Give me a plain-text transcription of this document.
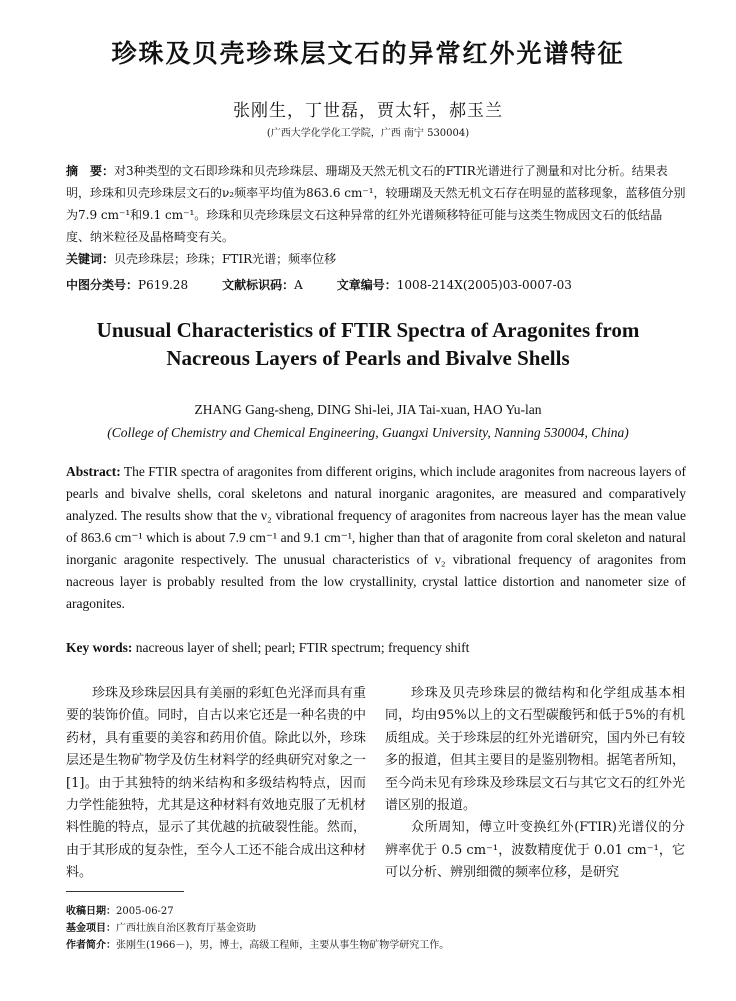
珍珠及贝壳珍珠层文石的异常红外光谱特征
张刚生，丁世磊，贾太轩，郝玉兰
(广西大学化学化工学院，广西 南宁 530004)
摘　要：对3种类型的文石即珍珠和贝壳珍珠层、珊瑚及天然无机文石的FTIR光谱进行了测量和对比分析。结果表明，珍珠和贝壳珍珠层文石的ν₂频率平均值为863.6 cm⁻¹，较珊瑚及天然无机文石存在明显的蓝移现象，蓝移值分别为7.9 cm⁻¹和9.1 cm⁻¹。珍珠和贝壳珍珠层文石这种异常的红外光谱频移特征可能与这类生物成因文石的低结晶度、纳米粒径及晶格畸变有关。
关键词：贝壳珍珠层；珍珠；FTIR光谱；频率位移
中图分类号：P619.28	文献标识码：A	文章编号：1008-214X(2005)03-0007-03
Unusual Characteristics of FTIR Spectra of Aragonites from
Nacreous Layers of Pearls and Bivalve Shells
ZHANG Gang-sheng, DING Shi-lei, JIA Tai-xuan, HAO Yu-lan
(College of Chemistry and Chemical Engineering, Guangxi University, Nanning 530004, China)
Abstract: The FTIR spectra of aragonites from different origins, which include aragonites from nacreous layers of pearls and bivalve shells, coral skeletons and natural inorganic aragonites, are measured and comparatively analyzed. The results show that the ν₂ vibrational frequency of aragonites from nacreous layer has the mean value of 863.6 cm⁻¹ which is about 7.9 cm⁻¹ and 9.1 cm⁻¹, higher than that of aragonite from coral skeleton and natural inorganic aragonite respectively. The unusual characteristics of ν₂ vibrational frequency of aragonites from nacreous layer is probably resulted from the low crystallinity, crystal lattice distortion and nanometer size of aragonites.
Key words: nacreous layer of shell; pearl; FTIR spectrum; frequency shift

珍珠及珍珠层因具有美丽的彩虹色光泽而具有重要的装饰价值。同时，自古以来它还是一种名贵的中药材，具有重要的美容和药用价值。除此以外，珍珠层还是生物矿物学及仿生材料学的经典研究对象之一[1]。由于其独特的纳米结构和多级结构特点，因而力学性能独特，尤其是这种材料有效地克服了无机材料性脆的特点，显示了其优越的抗破裂性能。然而，由于其形成的复杂性，至今人工还不能合成出这种材料。

珍珠及贝壳珍珠层的微结构和化学组成基本相同，均由95%以上的文石型碳酸钙和低于5%的有机质组成。关于珍珠层的红外光谱研究，国内外已有较多的报道，但其主要目的是鉴别物相。据笔者所知，至今尚未见有珍珠及珍珠层文石与其它文石的红外光谱区别的报道。

众所周知，傅立叶变换红外(FTIR)光谱仪的分辨率优于 0.5 cm⁻¹，波数精度优于 0.01 cm⁻¹，它可以分析、辨别细微的频率位移，是研究

收稿日期：2005-06-27
基金项目：广西壮族自治区教育厅基金资助
作者简介：张刚生(1966－)，男，博士，高级工程师，主要从事生物矿物学研究工作。
